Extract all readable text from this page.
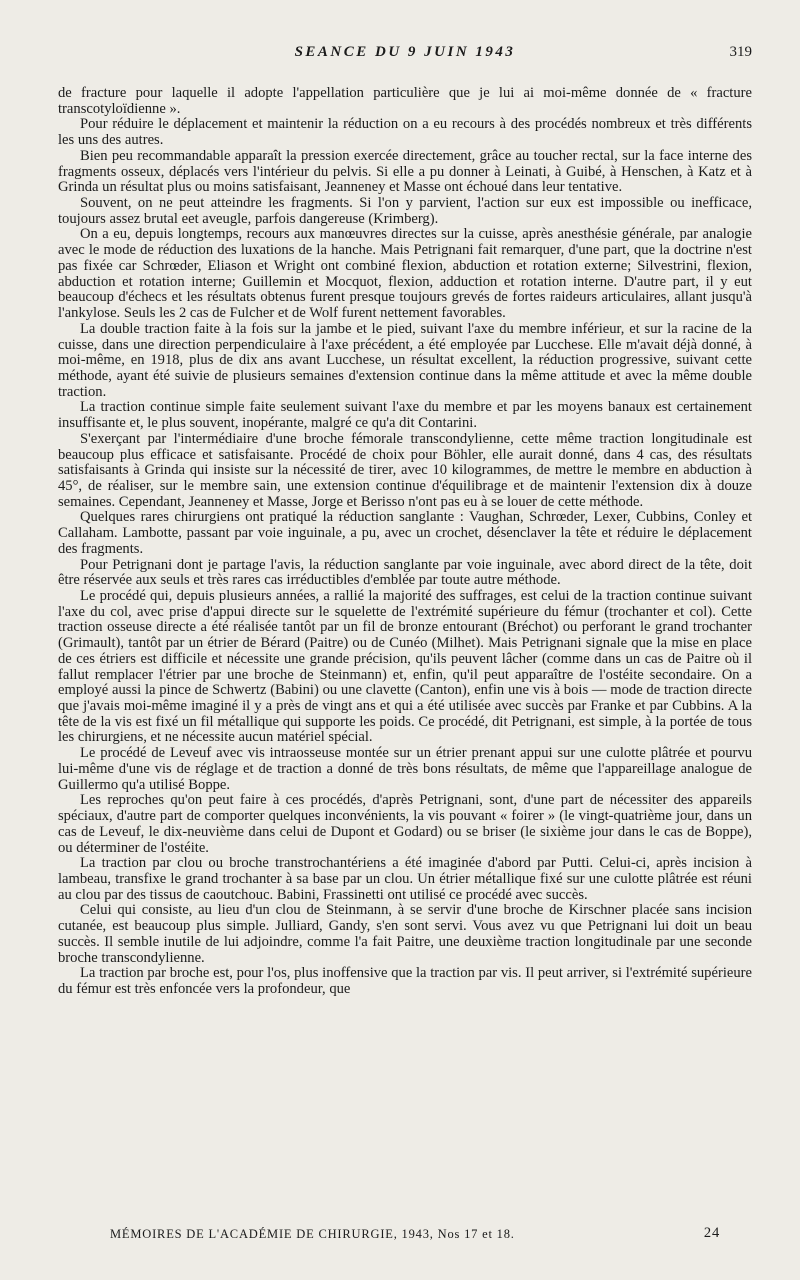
SEANCE DU 9 JUIN 1943	319

de fracture pour laquelle il adopte l'appellation particulière que je lui ai moi-même donnée de « fracture transcotyloïdienne ».

Pour réduire le déplacement et maintenir la réduction on a eu recours à des procédés nombreux et très différents les uns des autres.

Bien peu recommandable apparaît la pression exercée directement, grâce au toucher rectal, sur la face interne des fragments osseux, déplacés vers l'intérieur du pelvis. Si elle a pu donner à Leinati, à Guibé, à Henschen, à Katz et à Grinda un résultat plus ou moins satisfaisant, Jeanneney et Masse ont échoué dans leur tentative.

Souvent, on ne peut atteindre les fragments. Si l'on y parvient, l'action sur eux est impossible ou inefficace, toujours assez brutal eet aveugle, parfois dangereuse (Krimberg).

On a eu, depuis longtemps, recours aux manœuvres directes sur la cuisse, après anesthésie générale, par analogie avec le mode de réduction des luxations de la hanche. Mais Petrignani fait remarquer, d'une part, que la doctrine n'est pas fixée car Schrœder, Eliason et Wright ont combiné flexion, abduction et rotation externe; Silvestrini, flexion, abduction et rotation interne; Guillemin et Mocquot, flexion, adduction et rotation interne. D'autre part, il y eut beaucoup d'échecs et les résultats obtenus furent presque toujours grevés de fortes raideurs articulaires, allant jusqu'à l'ankylose. Seuls les 2 cas de Fulcher et de Wolf furent nettement favorables.

La double traction faite à la fois sur la jambe et le pied, suivant l'axe du membre inférieur, et sur la racine de la cuisse, dans une direction perpendiculaire à l'axe précédent, a été employée par Lucchese. Elle m'avait déjà donné, à moi-même, en 1918, plus de dix ans avant Lucchese, un résultat excellent, la réduction progressive, suivant cette méthode, ayant été suivie de plusieurs semaines d'extension continue dans la même attitude et avec la même double traction.

La traction continue simple faite seulement suivant l'axe du membre et par les moyens banaux est certainement insuffisante et, le plus souvent, inopérante, malgré ce qu'a dit Contarini.

S'exerçant par l'intermédiaire d'une broche fémorale transcondylienne, cette même traction longitudinale est beaucoup plus efficace et satisfaisante. Procédé de choix pour Böhler, elle aurait donné, dans 4 cas, des résultats satisfaisants à Grinda qui insiste sur la nécessité de tirer, avec 10 kilogrammes, de mettre le membre en abduction à 45°, de réaliser, sur le membre sain, une extension continue d'équilibrage et de maintenir l'extension dix à douze semaines. Cependant, Jeanneney et Masse, Jorge et Berisso n'ont pas eu à se louer de cette méthode.

Quelques rares chirurgiens ont pratiqué la réduction sanglante : Vaughan, Schrœder, Lexer, Cubbins, Conley et Callaham. Lambotte, passant par voie inguinale, a pu, avec un crochet, désenclaver la tête et réduire le déplacement des fragments.

Pour Petrignani dont je partage l'avis, la réduction sanglante par voie inguinale, avec abord direct de la tête, doit être réservée aux seuls et très rares cas irréductibles d'emblée par toute autre méthode.

Le procédé qui, depuis plusieurs années, a rallié la majorité des suffrages, est celui de la traction continue suivant l'axe du col, avec prise d'appui directe sur le squelette de l'extrémité supérieure du fémur (trochanter et col). Cette traction osseuse directe a été réalisée tantôt par un fil de bronze entourant (Bréchot) ou perforant le grand trochanter (Grimault), tantôt par un étrier de Bérard (Paitre) ou de Cunéo (Milhet). Mais Petrignani signale que la mise en place de ces étriers est difficile et nécessite une grande précision, qu'ils peuvent lâcher (comme dans un cas de Paitre où il fallut remplacer l'étrier par une broche de Steinmann) et, enfin, qu'il peut apparaître de l'ostéite secondaire. On a employé aussi la pince de Schwertz (Babini) ou une clavette (Canton), enfin une vis à bois — mode de traction directe que j'avais moi-même imaginé il y a près de vingt ans et qui a été utilisée avec succès par Franke et par Cubbins. A la tête de la vis est fixé un fil métallique qui supporte les poids. Ce procédé, dit Petrignani, est simple, à la portée de tous les chirurgiens, et ne nécessite aucun matériel spécial.

Le procédé de Leveuf avec vis intraosseuse montée sur un étrier prenant appui sur une culotte plâtrée et pourvu lui-même d'une vis de réglage et de traction a donné de très bons résultats, de même que l'appareillage analogue de Guillermo qu'a utilisé Boppe.

Les reproches qu'on peut faire à ces procédés, d'après Petrignani, sont, d'une part de nécessiter des appareils spéciaux, d'autre part de comporter quelques inconvénients, la vis pouvant « foirer » (le vingt-quatrième jour, dans un cas de Leveuf, le dix-neuvième dans celui de Dupont et Godard) ou se briser (le sixième jour dans le cas de Boppe), ou déterminer de l'ostéite.

La traction par clou ou broche transtrochantériens a été imaginée d'abord par Putti. Celui-ci, après incision à lambeau, transfixe le grand trochanter à sa base par un clou. Un étrier métallique fixé sur une culotte plâtrée est réuni au clou par des tissus de caoutchouc. Babini, Frassinetti ont utilisé ce procédé avec succès.

Celui qui consiste, au lieu d'un clou de Steinmann, à se servir d'une broche de Kirschner placée sans incision cutanée, est beaucoup plus simple. Julliard, Gandy, s'en sont servi. Vous avez vu que Petrignani lui doit un beau succès. Il semble inutile de lui adjoindre, comme l'a fait Paitre, une deuxième traction longitudinale par une seconde broche transcondylienne.

La traction par broche est, pour l'os, plus inoffensive que la traction par vis. Il peut arriver, si l'extrémité supérieure du fémur est très enfoncée vers la profondeur, que

MÉMOIRES DE L'ACADÉMIE DE CHIRURGIE, 1943, Nos 17 et 18.	24
